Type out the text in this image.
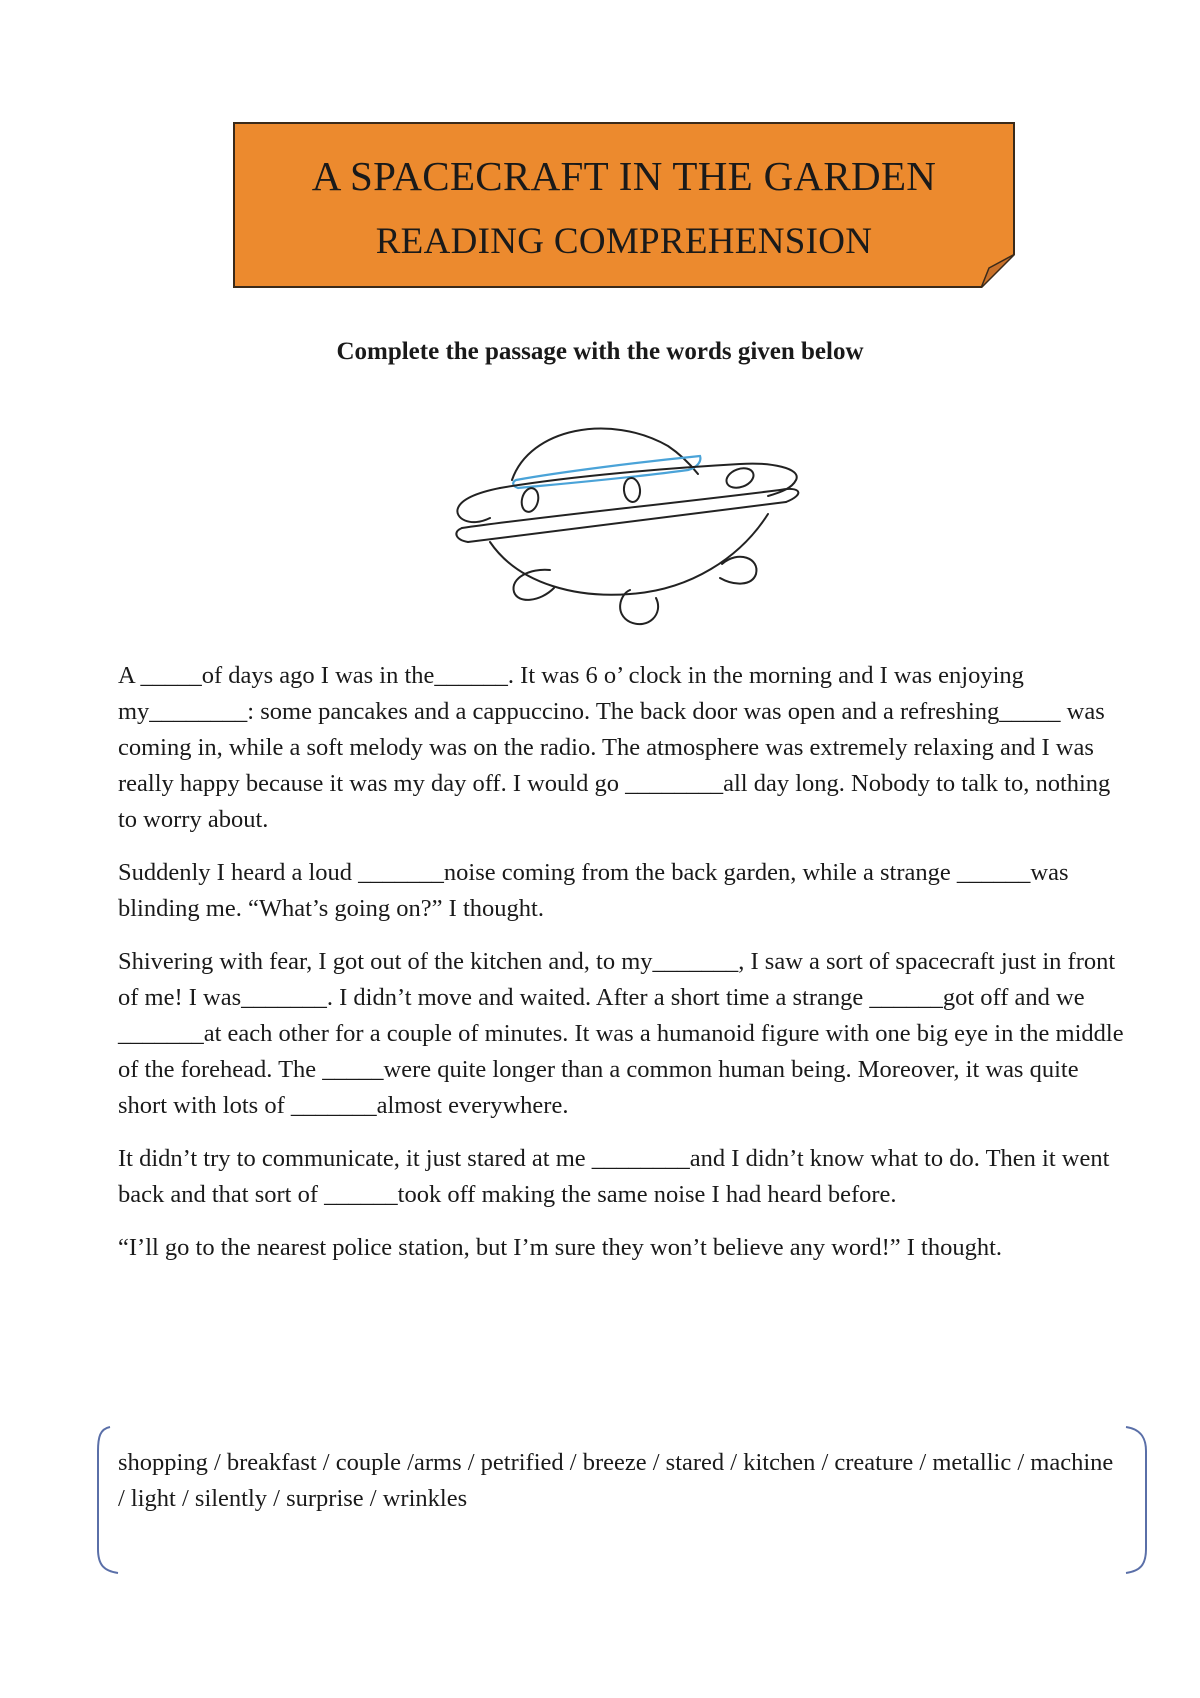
A SPACECRAFT IN THE GARDEN
READING COMPREHENSION
Complete the passage with the words given below

A _____of days ago I was in the______. It was 6 o’ clock in the morning and I was enjoying my________: some pancakes and a cappuccino. The back door was open and a refreshing_____ was coming in, while a soft melody was on the radio. The atmosphere was extremely relaxing and I was really happy because it was my day off. I would go ________all day long. Nobody to talk to, nothing to worry about.

Suddenly I heard a loud _______noise coming from the back garden, while a strange ______was blinding me. “What’s going on?” I thought.

Shivering with fear, I got out of the kitchen and, to my_______, I saw a sort of spacecraft just in front of me! I was_______. I didn’t move and waited. After a short time a strange ______got off and we _______at each other for a couple of minutes. It was a humanoid figure with one big eye in the middle of the forehead. The _____were quite longer than a common human being. Moreover, it was quite short with lots of _______almost everywhere.

It didn’t try to communicate, it just stared at me ________and I didn’t know what to do. Then it went back and that sort of ______took off making the same noise I had heard before.

“I’ll go to the nearest police station, but I’m sure they won’t believe any word!” I thought.

shopping / breakfast / couple /arms / petrified / breeze / stared / kitchen / creature / metallic / machine / light / silently / surprise / wrinkles
